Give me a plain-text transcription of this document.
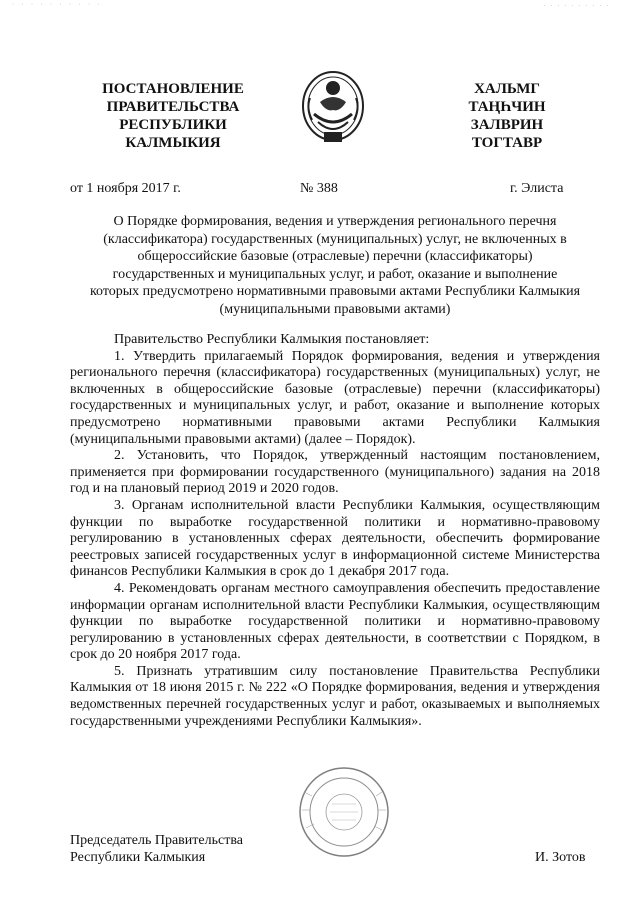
· · · · · · · · · ·	. . . . . . . . . .
ПОСТАНОВЛЕНИЕ
ПРАВИТЕЛЬСТВА
РЕСПУБЛИКИ
КАЛМЫКИЯ
ХАЛЬМГ
ТАҢҺЧИН
ЗАЛВРИН
ТОГТАВР
от 1 ноября 2017 г.	№ 388	г. Элиста
О Порядке формирования, ведения и утверждения регионального перечня
(классификатора) государственных (муниципальных) услуг, не включенных в
общероссийские базовые (отраслевые) перечни (классификаторы)
государственных и муниципальных услуг, и работ, оказание и выполнение
которых предусмотрено нормативными правовыми актами Республики Калмыкия
(муниципальными правовыми актами)

Правительство Республики Калмыкия постановляет:

1. Утвердить прилагаемый Порядок формирования, ведения и утверждения регионального перечня (классификатора) государственных (муниципальных) услуг, не включенных в общероссийские базовые (отраслевые) перечни (классификаторы) государственных и муниципальных услуг, и работ, оказание и выполнение которых предусмотрено нормативными правовыми актами Республики Калмыкия (муниципальными правовыми актами) (далее – Порядок).

2. Установить, что Порядок, утвержденный настоящим постановлением, применяется при формировании государственного (муниципального) задания на 2018 год и на плановый период 2019 и 2020 годов.

3. Органам исполнительной власти Республики Калмыкия, осуществляющим функции по выработке государственной политики и нормативно-правовому регулированию в установленных сферах деятельности, обеспечить формирование реестровых записей государственных услуг в информационной системе Министерства финансов Республики Калмыкия в срок до 1 декабря 2017 года.

4. Рекомендовать органам местного самоуправления обеспечить предоставление информации органам исполнительной власти Республики Калмыкия, осуществляющим функции по выработке государственной политики и нормативно-правовому регулированию в установленных сферах деятельности, в соответствии с Порядком, в срок до 20 ноября 2017 года.

5. Признать утратившим силу постановление Правительства Республики Калмыкия от 18 июня 2015 г. № 222 «О Порядке формирования, ведения и утверждения ведомственных перечней государственных услуг и работ, оказываемых и выполняемых государственными учреждениями Республики Калмыкия».

Председатель Правительства
Республики Калмыкия	И. Зотов
